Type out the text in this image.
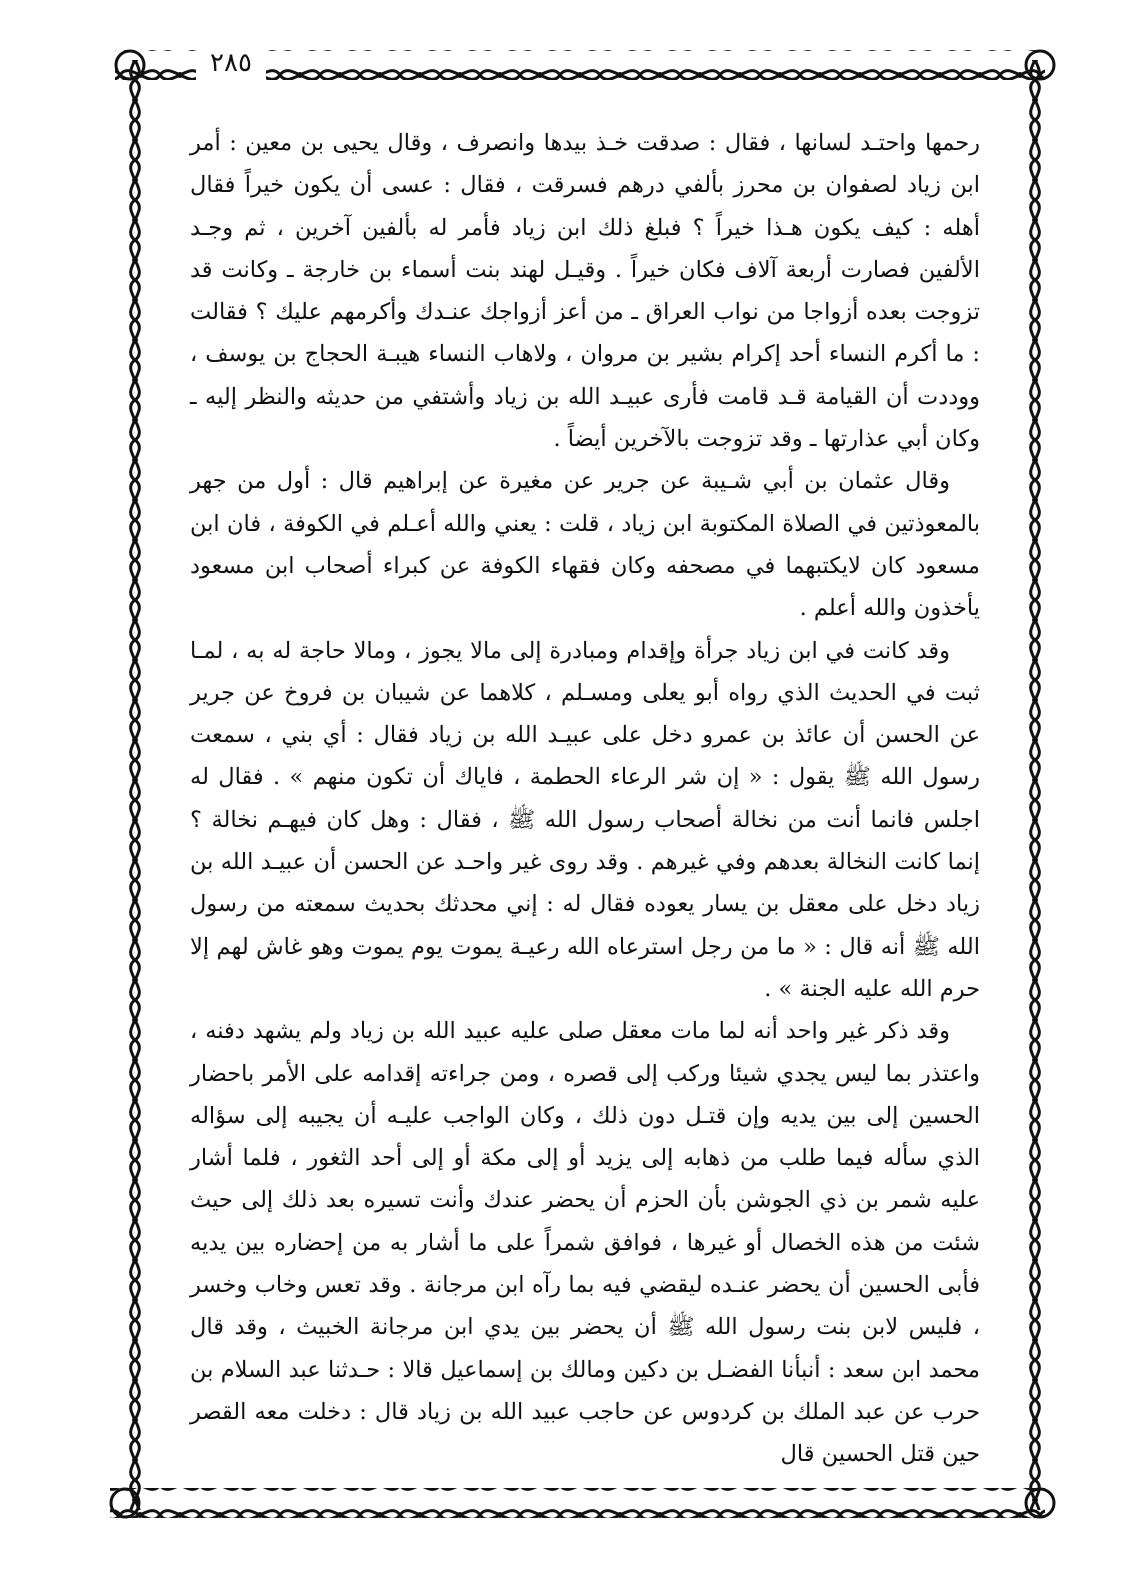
٢٨٥

رحمها واحتـد لسانها ، فقال : صدقت خـذ بيدها وانصرف ، وقال يحيى بن معين : أمر ابن زياد لصفوان بن محرز بألفي درهم فسرقت ، فقال : عسى أن يكون خيراً فقال أهله : كيف يكون هـذا خيراً ؟ فبلغ ذلك ابن زياد فأمر له بألفين آخرين ، ثم وجـد الألفين فصارت أربعة آلاف فكان خيراً . وقيـل لهند بنت أسماء بن خارجة ـ وكانت قد تزوجت بعده أزواجا من نواب العراق ـ من أعز أزواجك عنـدك وأكرمهم عليك ؟ فقالت : ما أكرم النساء أحد إكرام بشير بن مروان ، ولاهاب النساء هيبـة الحجاج بن يوسف ، ووددت أن القيامة قـد قامت فأرى عبيـد الله بن زياد وأشتفي من حديثه والنظر إليه ـ وكان أبي عذارتها ـ وقد تزوجت بالآخرين أيضاً .

وقال عثمان بن أبي شـيبة عن جرير عن مغيرة عن إبراهيم قال : أول من جهر بالمعوذتين في الصلاة المكتوبة ابن زياد ، قلت : يعني والله أعـلم في الكوفة ، فان ابن مسعود كان لايكتبهما في مصحفه وكان فقهاء الكوفة عن كبراء أصحاب ابن مسعود يأخذون والله أعلم .

وقد كانت في ابن زياد جرأة وإقدام ومبادرة إلى مالا يجوز ، ومالا حاجة له به ، لمـا ثبت في الحديث الذي رواه أبو يعلى ومسـلم ، كلاهما عن شيبان بن فروخ عن جرير عن الحسن أن عائذ بن عمرو دخل على عبيـد الله بن زياد فقال : أي بني ، سمعت رسول الله ﷺ يقول : « إن شر الرعاء الحطمة ، فاياك أن تكون منهم » . فقال له اجلس فانما أنت من نخالة أصحاب رسول الله ﷺ ، فقال : وهل كان فيهـم نخالة ؟ إنما كانت النخالة بعدهم وفي غيرهم . وقد روى غير واحـد عن الحسن أن عبيـد الله بن زياد دخل على معقل بن يسار يعوده فقال له : إني محدثك بحديث سمعته من رسول الله ﷺ أنه قال : « ما من رجل استرعاه الله رعيـة يموت يوم يموت وهو غاش لهم إلا حرم الله عليه الجنة » .

وقد ذكر غير واحد أنه لما مات معقل صلى عليه عبيد الله بن زياد ولم يشهد دفنه ، واعتذر بما ليس يجدي شيئا وركب إلى قصره ، ومن جراءته إقدامه على الأمر باحضار الحسين إلى بين يديه وإن قتـل دون ذلك ، وكان الواجب عليـه أن يجيبه إلى سؤاله الذي سأله فيما طلب من ذهابه إلى يزيد أو إلى مكة أو إلى أحد الثغور ، فلما أشار عليه شمر بن ذي الجوشن بأن الحزم أن يحضر عندك وأنت تسيره بعد ذلك إلى حيث شئت من هذه الخصال أو غيرها ، فوافق شمراً على ما أشار به من إحضاره بين يديه فأبى الحسين أن يحضر عنـده ليقضي فيه بما رآه ابن مرجانة . وقد تعس وخاب وخسر ، فليس لابن بنت رسول الله ﷺ أن يحضر بين يدي ابن مرجانة الخبيث ، وقد قال محمد ابن سعد : أنبأنا الفضـل بن دكين ومالك بن إسماعيل قالا : حـدثنا عبد السلام بن حرب عن عبد الملك بن كردوس عن حاجب عبيد الله بن زياد قال : دخلت معه القصر حين قتل الحسين قال
